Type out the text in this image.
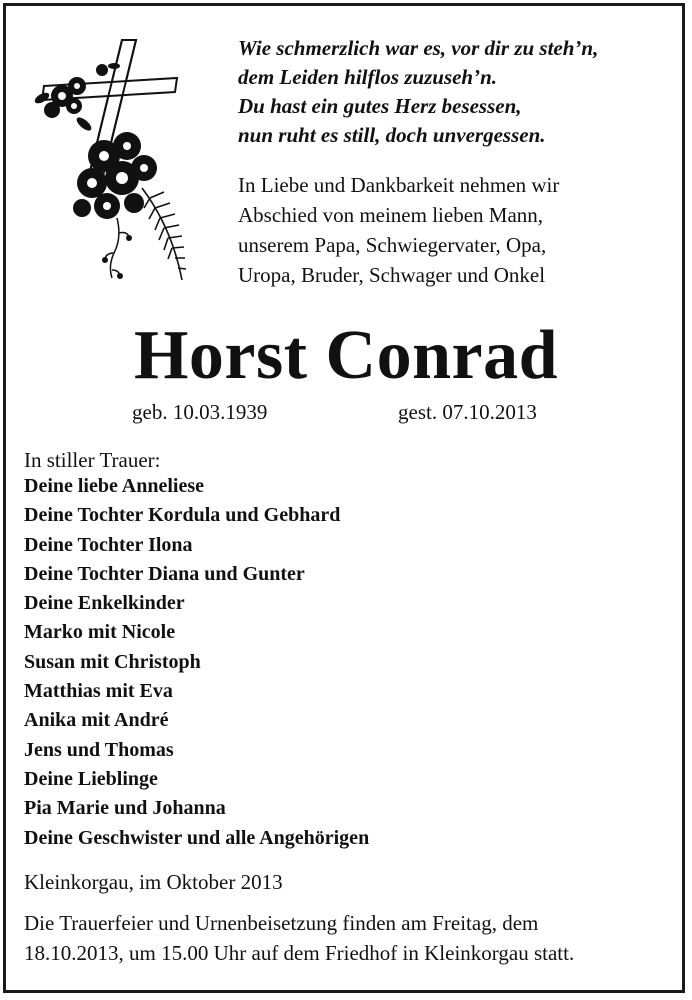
Wie schmerzlich war es, vor dir zu steh’n,
dem Leiden hilflos zuzuseh’n.
Du hast ein gutes Herz besessen,
nun ruht es still, doch unvergessen.
In Liebe und Dankbarkeit nehmen wir
Abschied von meinem lieben Mann,
unserem Papa, Schwiegervater, Opa,
Uropa, Bruder, Schwager und Onkel
Horst Conrad
geb. 10.03.1939	gest. 07.10.2013
In stiller Trauer:
Deine liebe Anneliese
Deine Tochter Kordula und Gebhard
Deine Tochter Ilona
Deine Tochter Diana und Gunter
Deine Enkelkinder
Marko mit Nicole
Susan mit Christoph
Matthias mit Eva
Anika mit André
Jens und Thomas
Deine Lieblinge
Pia Marie und Johanna
Deine Geschwister und alle Angehörigen
Kleinkorgau, im Oktober 2013
Die Trauerfeier und Urnenbeisetzung finden am Freitag, dem
18.10.2013, um 15.00 Uhr auf dem Friedhof in Kleinkorgau statt.
